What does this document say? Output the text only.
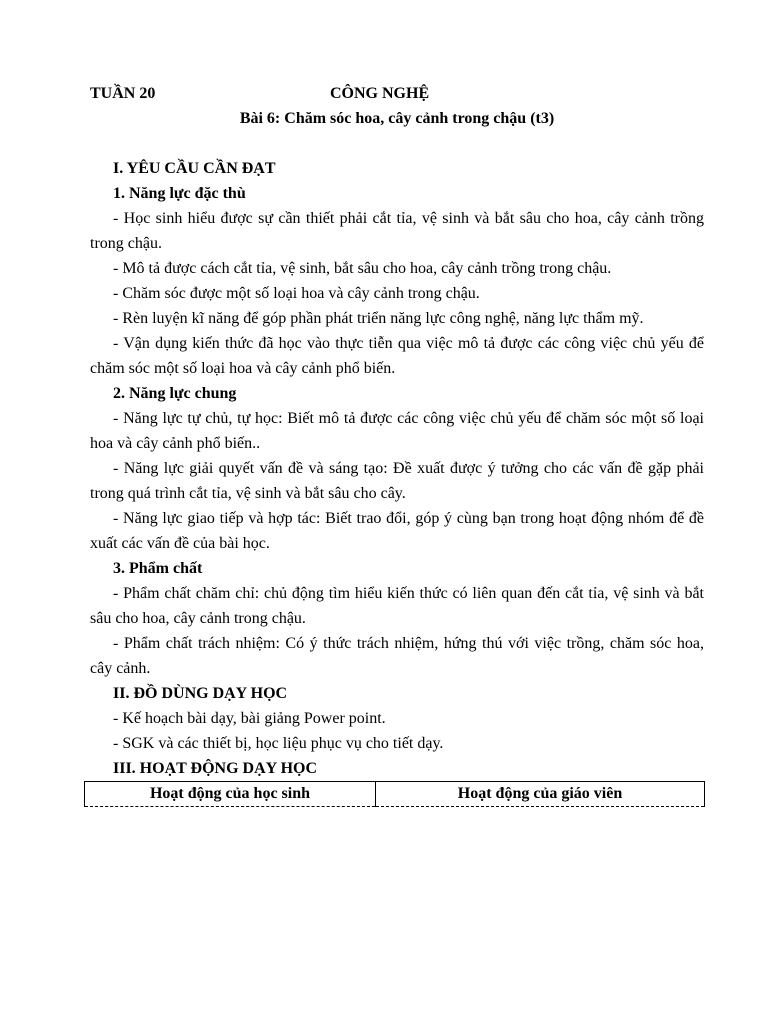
TUẦN 20	CÔNG NGHỆ
Bài 6: Chăm sóc hoa, cây cảnh trong chậu (t3)
I. YÊU CẦU CẦN ĐẠT
1. Năng lực đặc thù
- Học sinh hiểu được sự cần thiết phải cắt tỉa, vệ sinh và bắt sâu cho hoa, cây cảnh trồng trong chậu.
- Mô tả được cách cắt tỉa, vệ sinh, bắt sâu cho hoa, cây cảnh trồng trong chậu.
- Chăm sóc được một số loại hoa và cây cảnh trong chậu.
- Rèn luyện kĩ năng để góp phần phát triển năng lực công nghệ, năng lực thẩm mỹ.
- Vận dụng kiến thức đã học vào thực tiễn qua việc mô tả được các công việc chủ yếu để chăm sóc một số loại hoa và cây cảnh phổ biến.
2. Năng lực chung
- Năng lực tự chủ, tự học: Biết mô tả được các công việc chủ yếu để chăm sóc một số loại hoa và cây cảnh phổ biến..
- Năng lực giải quyết vấn đề và sáng tạo: Đề xuất được ý tưởng cho các vấn đề gặp phải trong quá trình cắt tỉa, vệ sinh và bắt sâu cho cây.
- Năng lực giao tiếp và hợp tác: Biết trao đổi, góp ý cùng bạn trong hoạt động nhóm để đề xuất các vấn đề của bài học.
3. Phẩm chất
- Phẩm chất chăm chỉ: chủ động tìm hiểu kiến thức có liên quan đến cắt tỉa, vệ sinh và bắt sâu cho hoa, cây cảnh trong chậu.
- Phẩm chất trách nhiệm: Có ý thức trách nhiệm, hứng thú với việc trồng, chăm sóc hoa, cây cảnh.
II. ĐỒ DÙNG DẠY HỌC
- Kế hoạch bài dạy, bài giảng Power point.
- SGK và các thiết bị, học liệu phục vụ cho tiết dạy.
III. HOẠT ĐỘNG DẠY HỌC
Hoạt động của học sinh	Hoạt động của giáo viên
